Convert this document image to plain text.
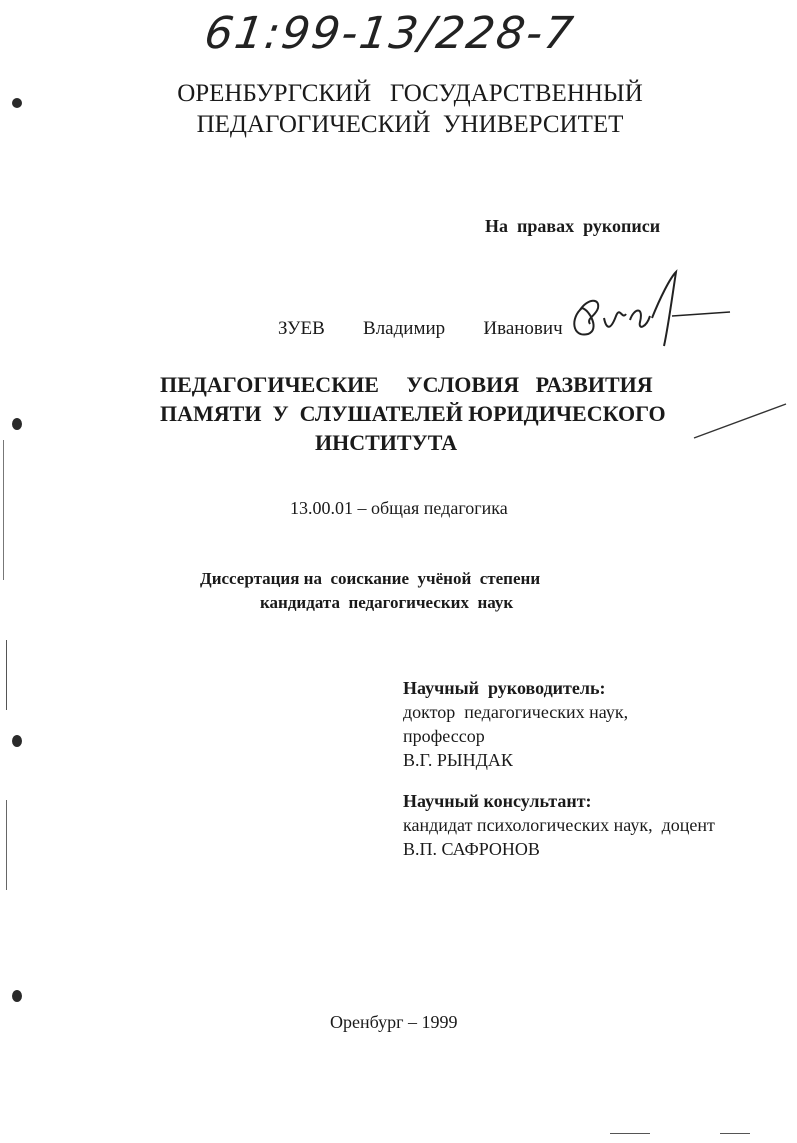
61:99-13/228-7
ОРЕНБУРГСКИЙ   ГОСУДАРСТВЕННЫЙ
ПЕДАГОГИЧЕСКИЙ  УНИВЕРСИТЕТ
На  правах  рукописи
ЗУЕВ   Владимир   Иванович
ПЕДАГОГИЧЕСКИЕ     УСЛОВИЯ   РАЗВИТИЯ
ПАМЯТИ  У  СЛУШАТЕЛЕЙ ЮРИДИЧЕСКОГО
ИНСТИТУТА
13.00.01 – общая педагогика
Диссертация на  соискание  учёной  степени
кандидата  педагогических  наук
Научный  руководитель:
доктор  педагогических наук,
профессор
В.Г. РЫНДАК
Научный консультант:
кандидат психологических наук,  доцент
В.П. САФРОНОВ
Оренбург – 1999
